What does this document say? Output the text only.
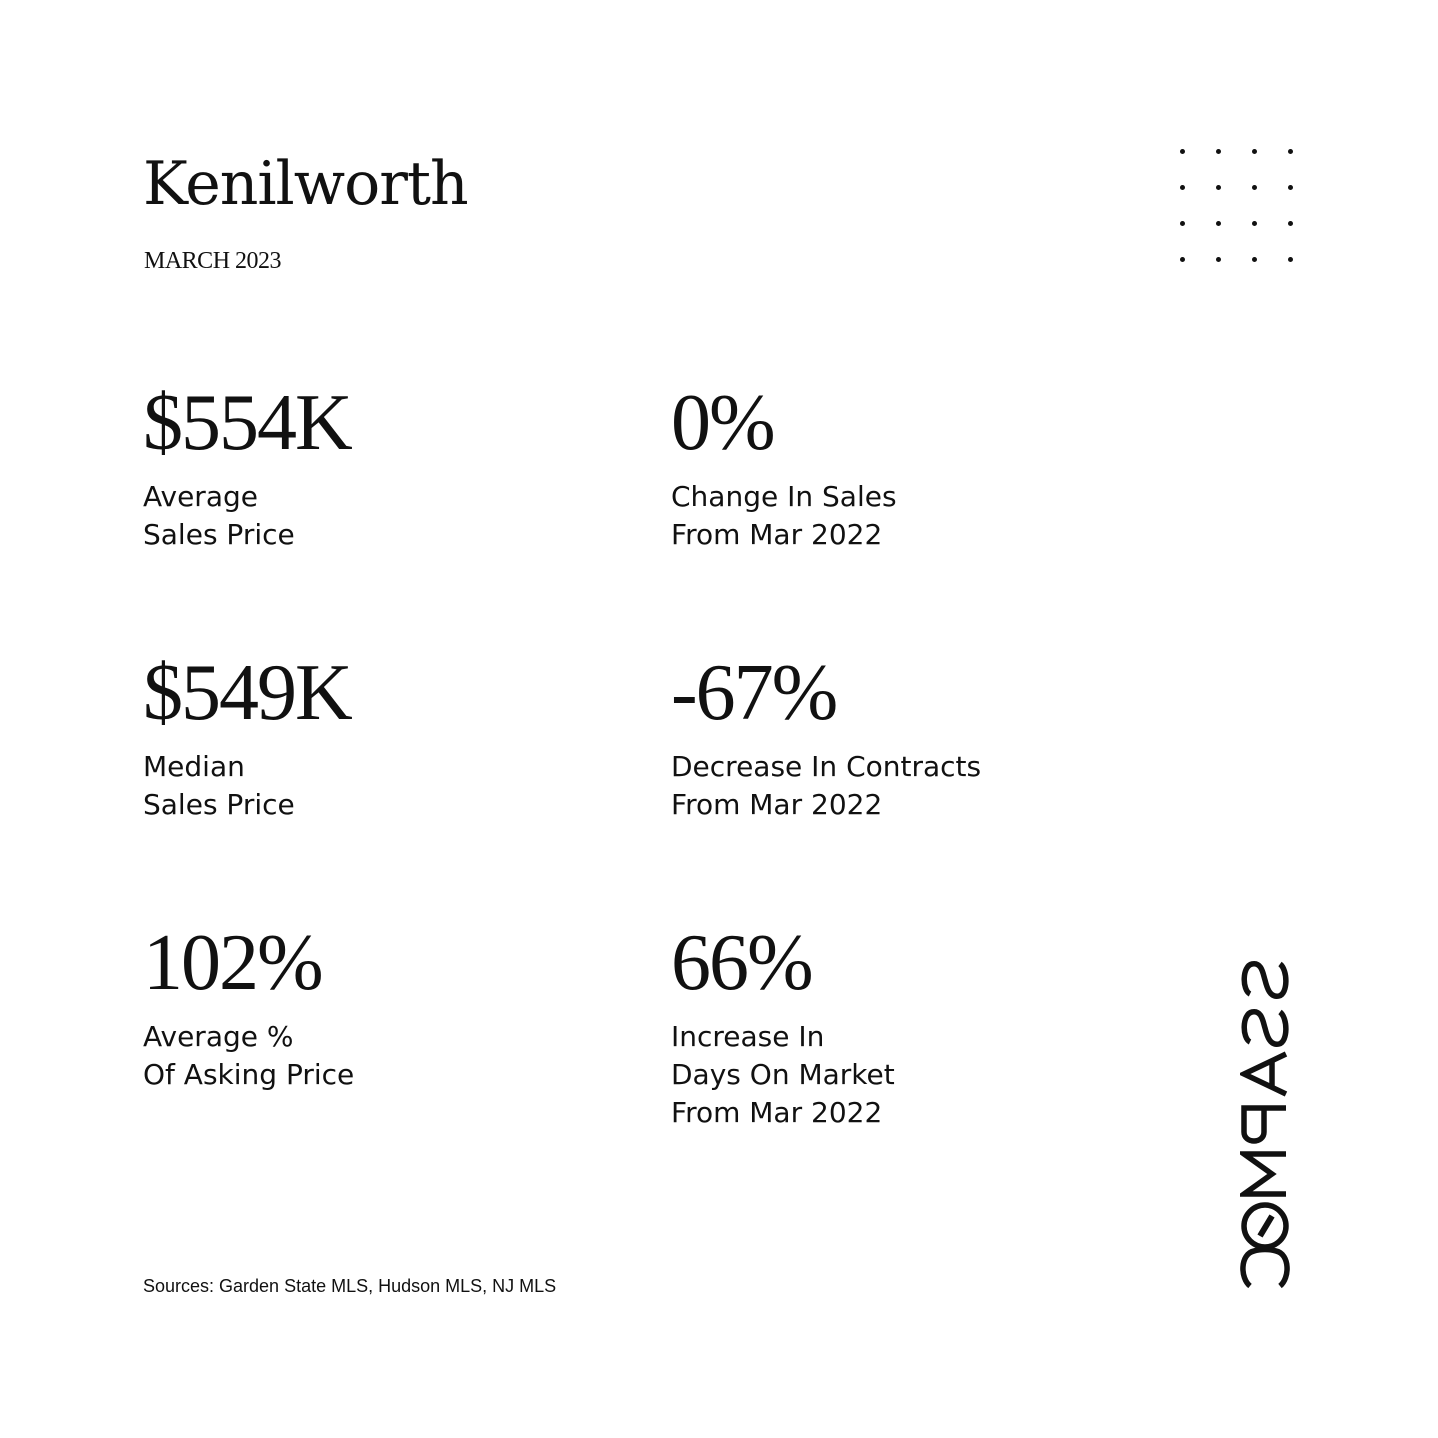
Kenilworth
MARCH 2023
$554K
Average
Sales Price
0%
Change In Sales
From Mar 2022
$549K
Median
Sales Price
-67%
Decrease In Contracts
From Mar 2022
102%
Average %
Of Asking Price
66%
Increase In
Days On Market
From Mar 2022
Sources: Garden State MLS, Hudson MLS, NJ MLS
